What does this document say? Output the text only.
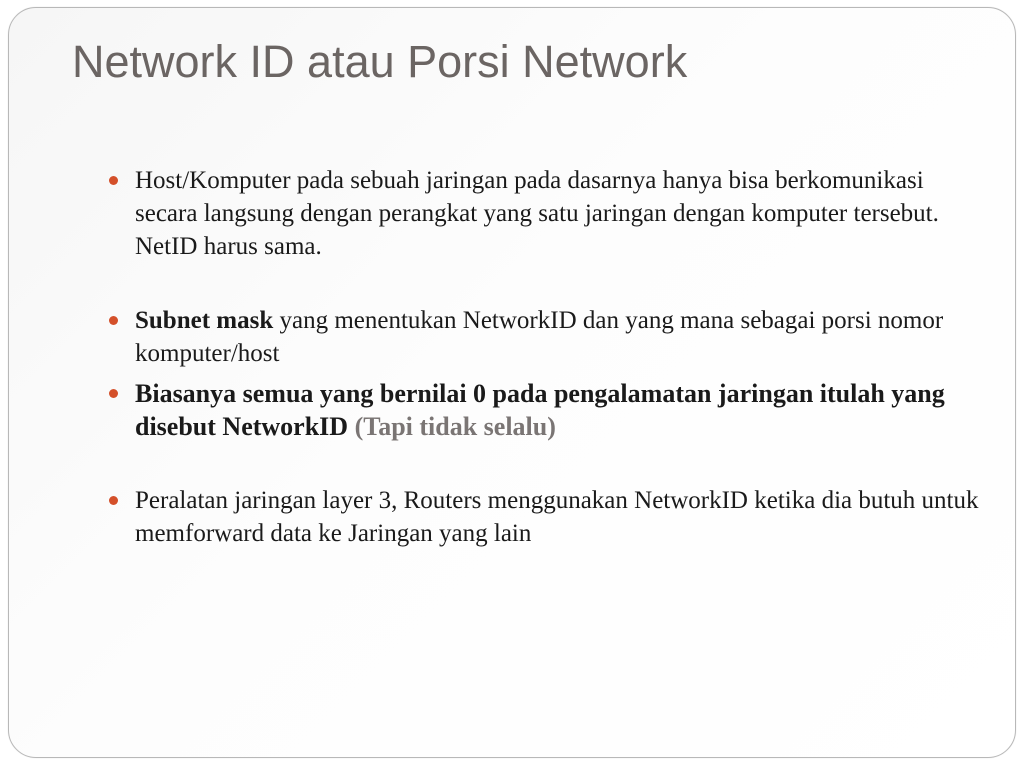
Network ID atau Porsi Network
Host/Komputer pada sebuah jaringan pada dasarnya hanya bisa berkomunikasi secara langsung dengan perangkat yang satu jaringan dengan komputer tersebut. NetID harus sama.
Subnet mask yang menentukan NetworkID dan yang mana sebagai porsi nomor komputer/host
Biasanya semua yang bernilai 0 pada pengalamatan jaringan itulah yang disebut NetworkID (Tapi tidak selalu)
Peralatan jaringan layer 3, Routers menggunakan NetworkID ketika dia butuh untuk memforward data ke Jaringan yang lain
